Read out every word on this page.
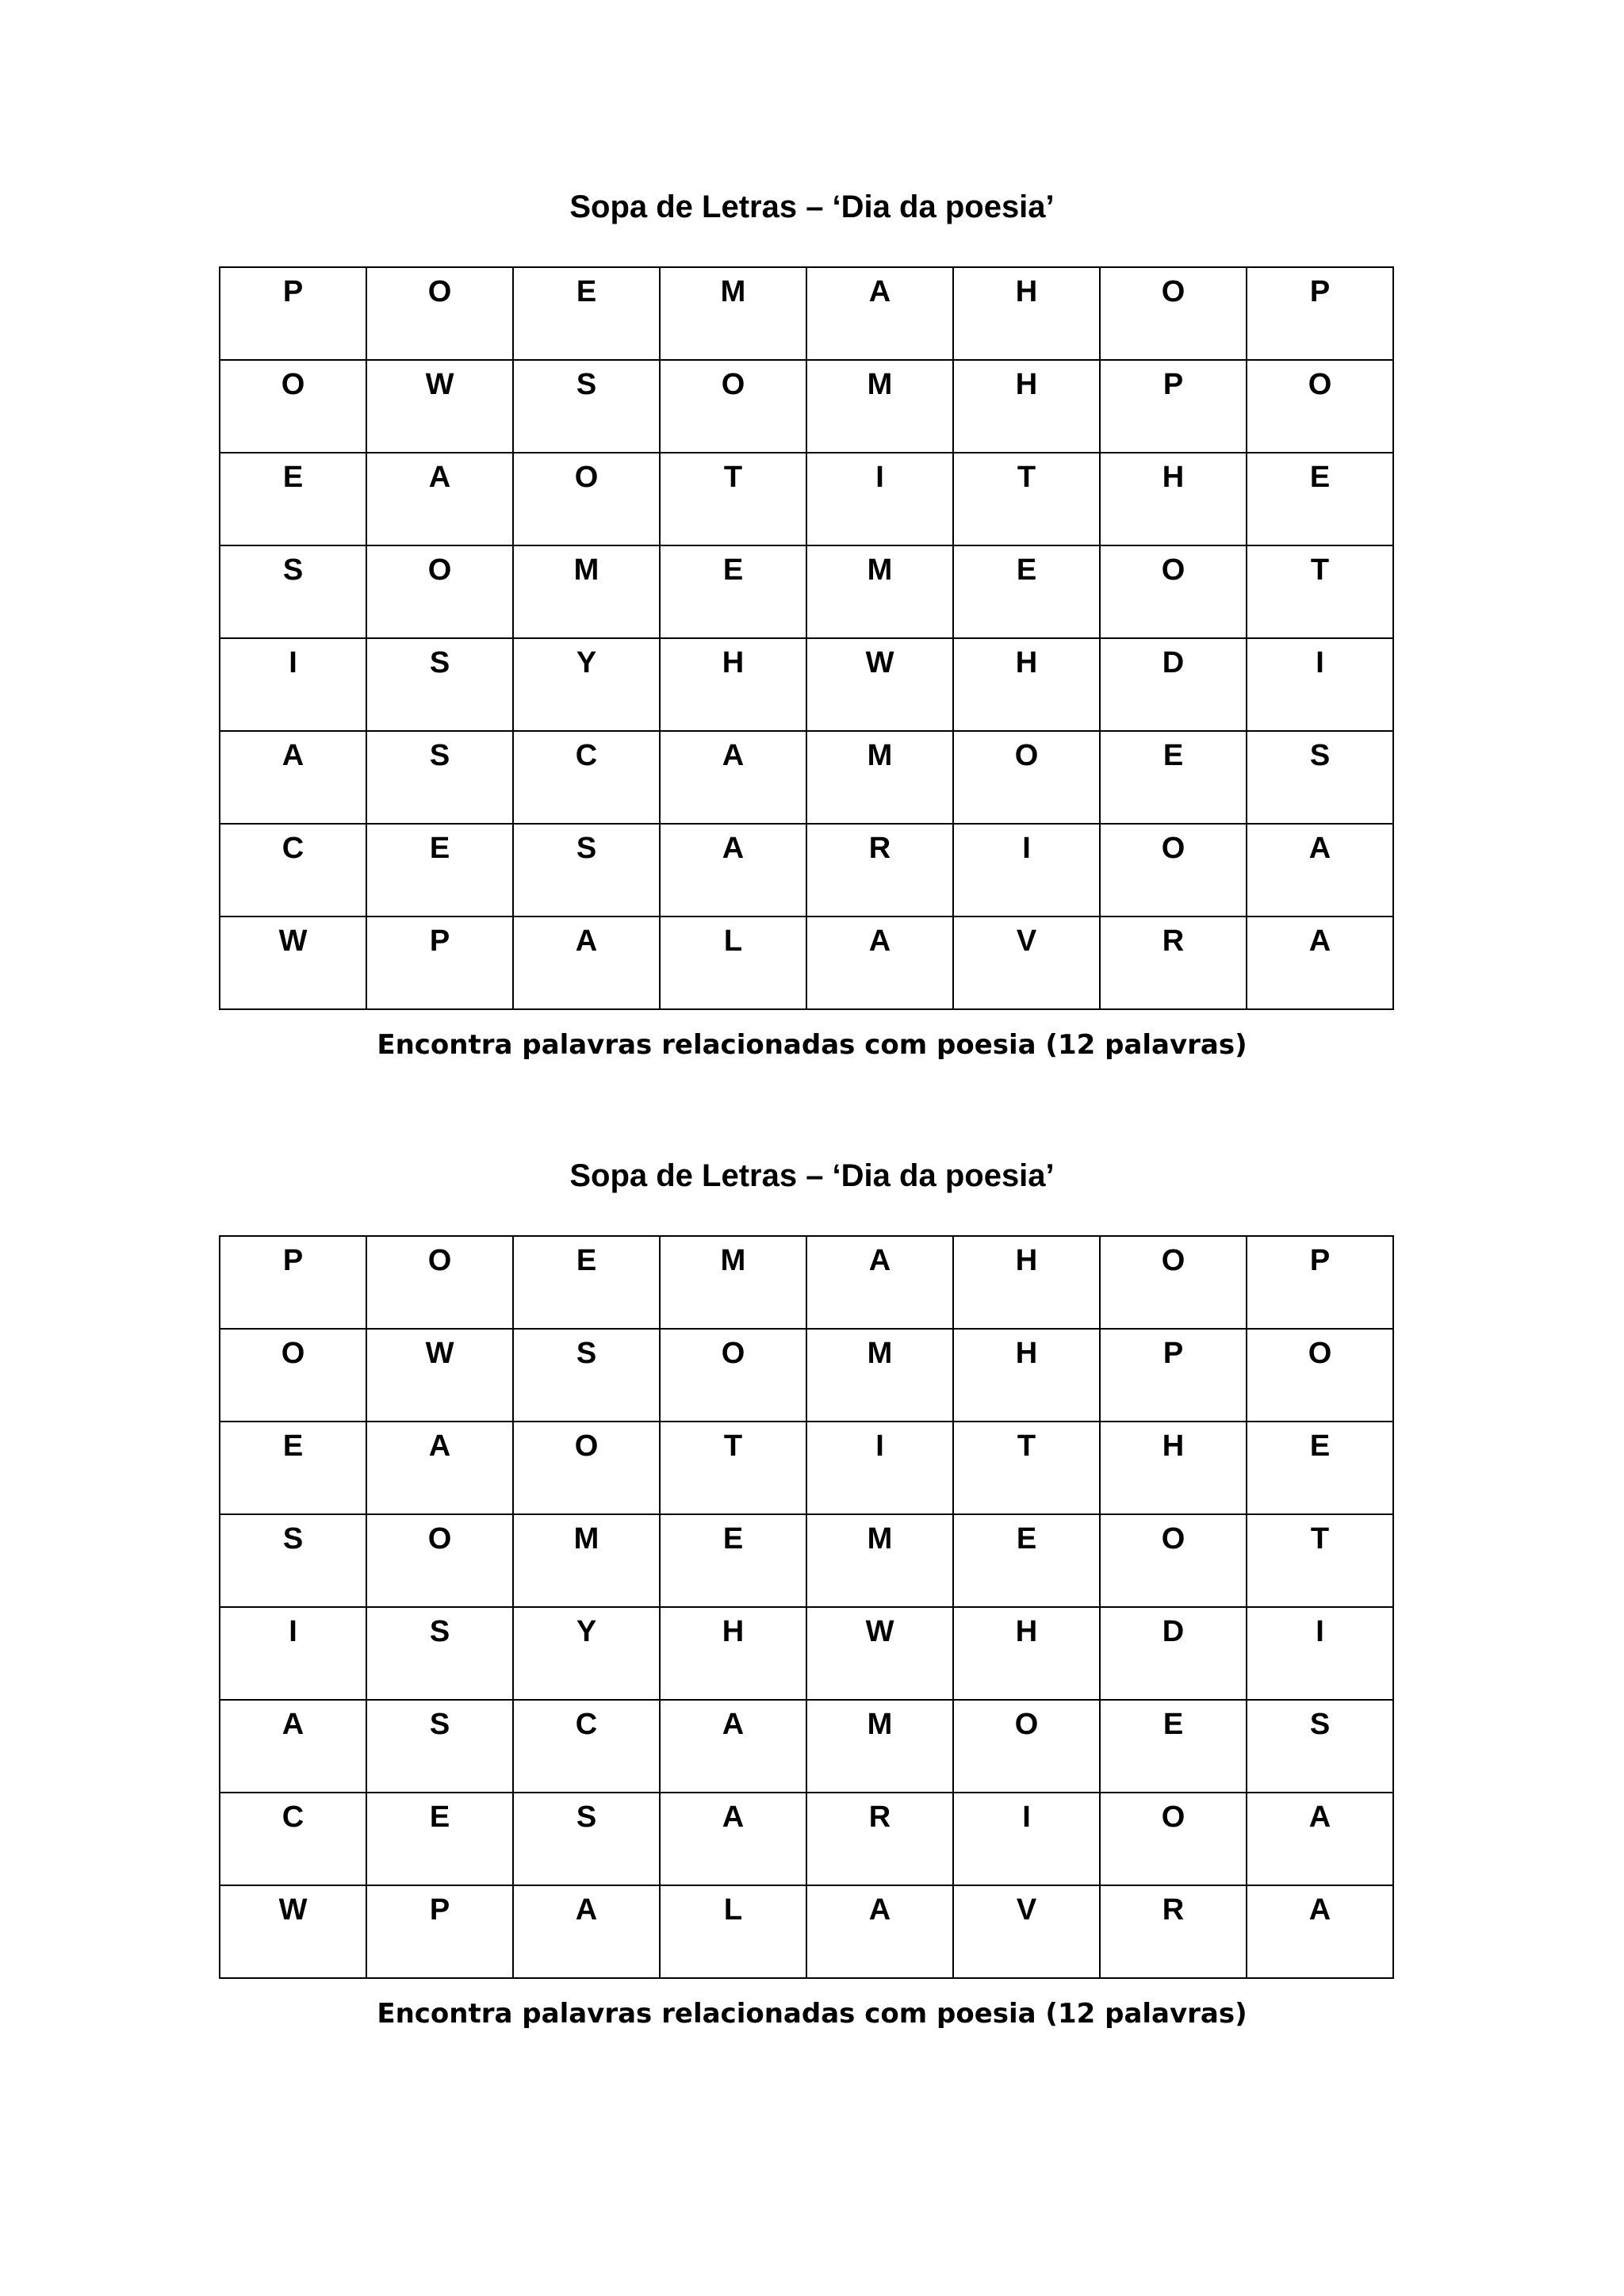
Sopa de Letras – ‘Dia da poesia’
P	O	E	M	A	H	O	P
O	W	S	O	M	H	P	O
E	A	O	T	I	T	H	E
S	O	M	E	M	E	O	T
I	S	Y	H	W	H	D	I
A	S	C	A	M	O	E	S
C	E	S	A	R	I	O	A
W	P	A	L	A	V	R	A
Encontra palavras relacionadas com poesia (12 palavras)
Sopa de Letras – ‘Dia da poesia’
P	O	E	M	A	H	O	P
O	W	S	O	M	H	P	O
E	A	O	T	I	T	H	E
S	O	M	E	M	E	O	T
I	S	Y	H	W	H	D	I
A	S	C	A	M	O	E	S
C	E	S	A	R	I	O	A
W	P	A	L	A	V	R	A
Encontra palavras relacionadas com poesia (12 palavras)
